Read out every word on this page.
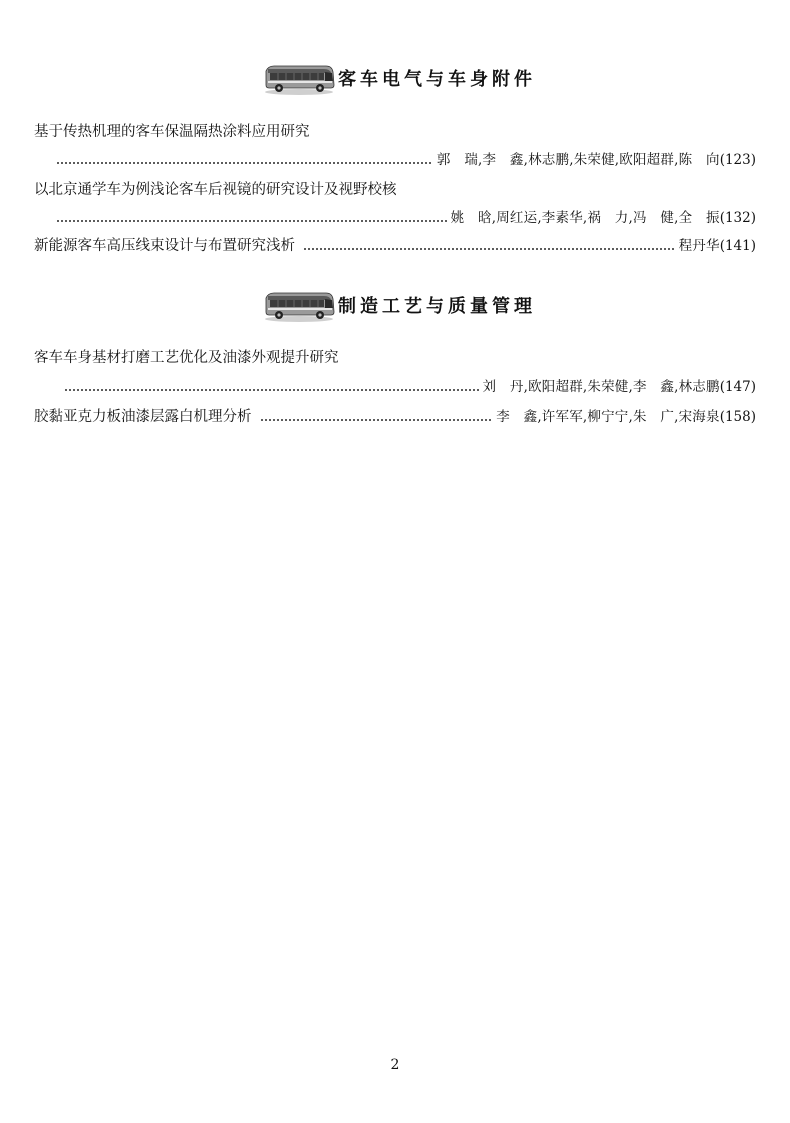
客车电气与车身附件
基于传热机理的客车保温隔热涂料应用研究
郭　瑞,李　鑫,林志鹏,朱荣健,欧阳超群,陈　向 (123)
以北京通学车为例浅论客车后视镜的研究设计及视野校核
姚　晗,周红运,李素华,祸　力,冯　健,全　振 (132)
新能源客车高压线束设计与布置研究浅析	程丹华 (141)
制造工艺与质量管理
客车车身基材打磨工艺优化及油漆外观提升研究
刘　丹,欧阳超群,朱荣健,李　鑫,林志鹏 (147)
胶黏亚克力板油漆层露白机理分析	李　鑫,许军军,柳宁宁,朱　广,宋海泉 (158)
2
